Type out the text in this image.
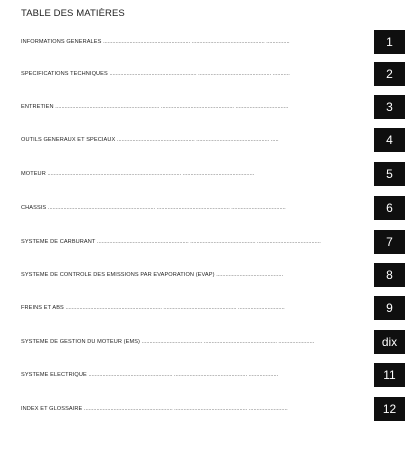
TABLE DES MATIÈRES
INFORMATIONS GÉNÉRALES ........................................................ ............................................... ...............	1
SPÉCIFICATIONS TECHNIQUES ........................................................ ............................................... ...........	2
ENTRETIEN ................................................................... ............................................... ..................................	3
OUTILS GÉNÉRAUX ET SPÉCIAUX .................................................. ............................................... .....	4
MOTEUR ...................................................................................... ..............................................	5
CHÂSSIS ..................................................................... ............................................... ...................................	6
SYSTÈME DE CARBURANT ........................................................... .......................................... .........................................	7
SYSTÈME DE CONTRÔLE DES ÉMISSIONS PAR ÉVAPORATION (EVAP) ...........................................	8
FREINS ET ABS .............................................................. ............................................... ..............................	9
SYSTÈME DE GESTION DU MOTEUR (EMS) ....................................... ............................................... .......................	dix
SYSTÈME ÉLECTRIQUE ...................................................... ............................................... ...................	11
INDEX ET GLOSSAIRE ......................................................... ............................................... .........................	12
